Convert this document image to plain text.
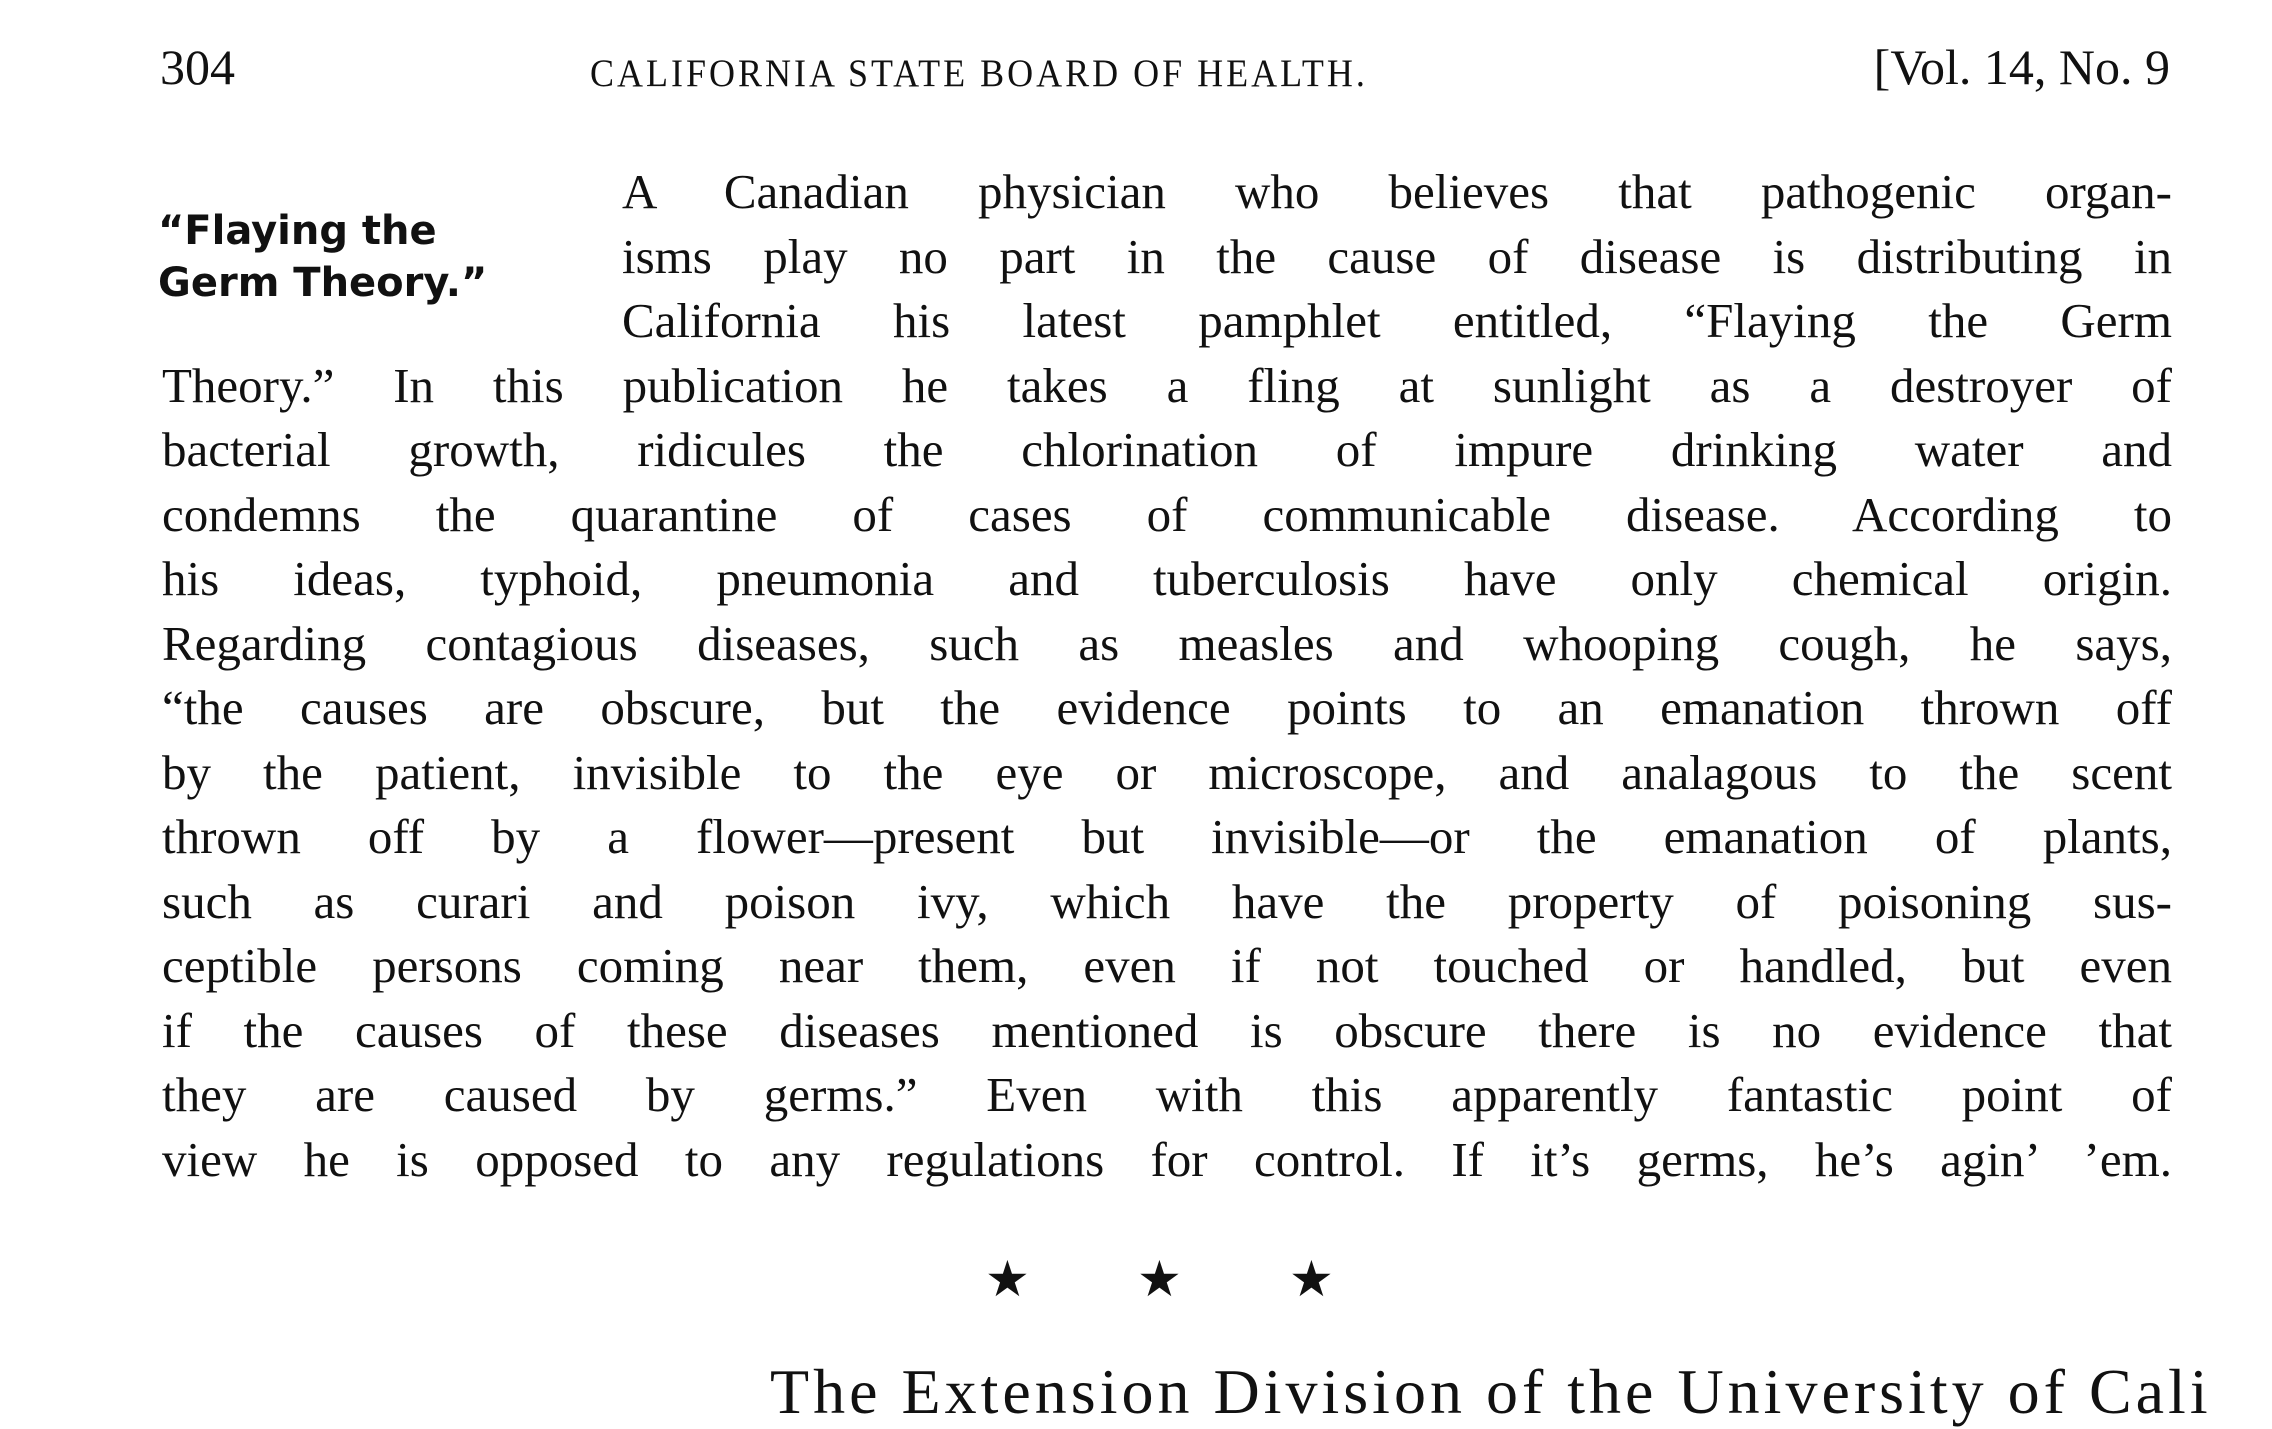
304	CALIFORNIA STATE BOARD OF HEALTH.	[Vol. 14, No. 9
“Flaying the
Germ Theory.”
A Canadian physician who believes that pathogenic organ-
isms play no part in the cause of disease is distributing in
California his latest pamphlet entitled, “Flaying the Germ
Theory.” In this publication he takes a fling at sunlight as a destroyer of
bacterial growth, ridicules the chlorination of impure drinking water and
condemns the quarantine of cases of communicable disease. According to
his ideas, typhoid, pneumonia and tuberculosis have only chemical origin.
Regarding contagious diseases, such as measles and whooping cough, he says,
“the causes are obscure, but the evidence points to an emanation thrown off
by the patient, invisible to the eye or microscope, and analagous to the scent
thrown off by a flower—present but invisible—or the emanation of plants,
such as curari and poison ivy, which have the property of poisoning sus-
ceptible persons coming near them, even if not touched or handled, but even
if the causes of these diseases mentioned is obscure there is no evidence that
they are caused by germs.” Even with this apparently fantastic point of
view he is opposed to any regulations for control. If it’s germs, he’s agin’ ’em.
★ ★ ★
The Extension Division of the University of Cali
